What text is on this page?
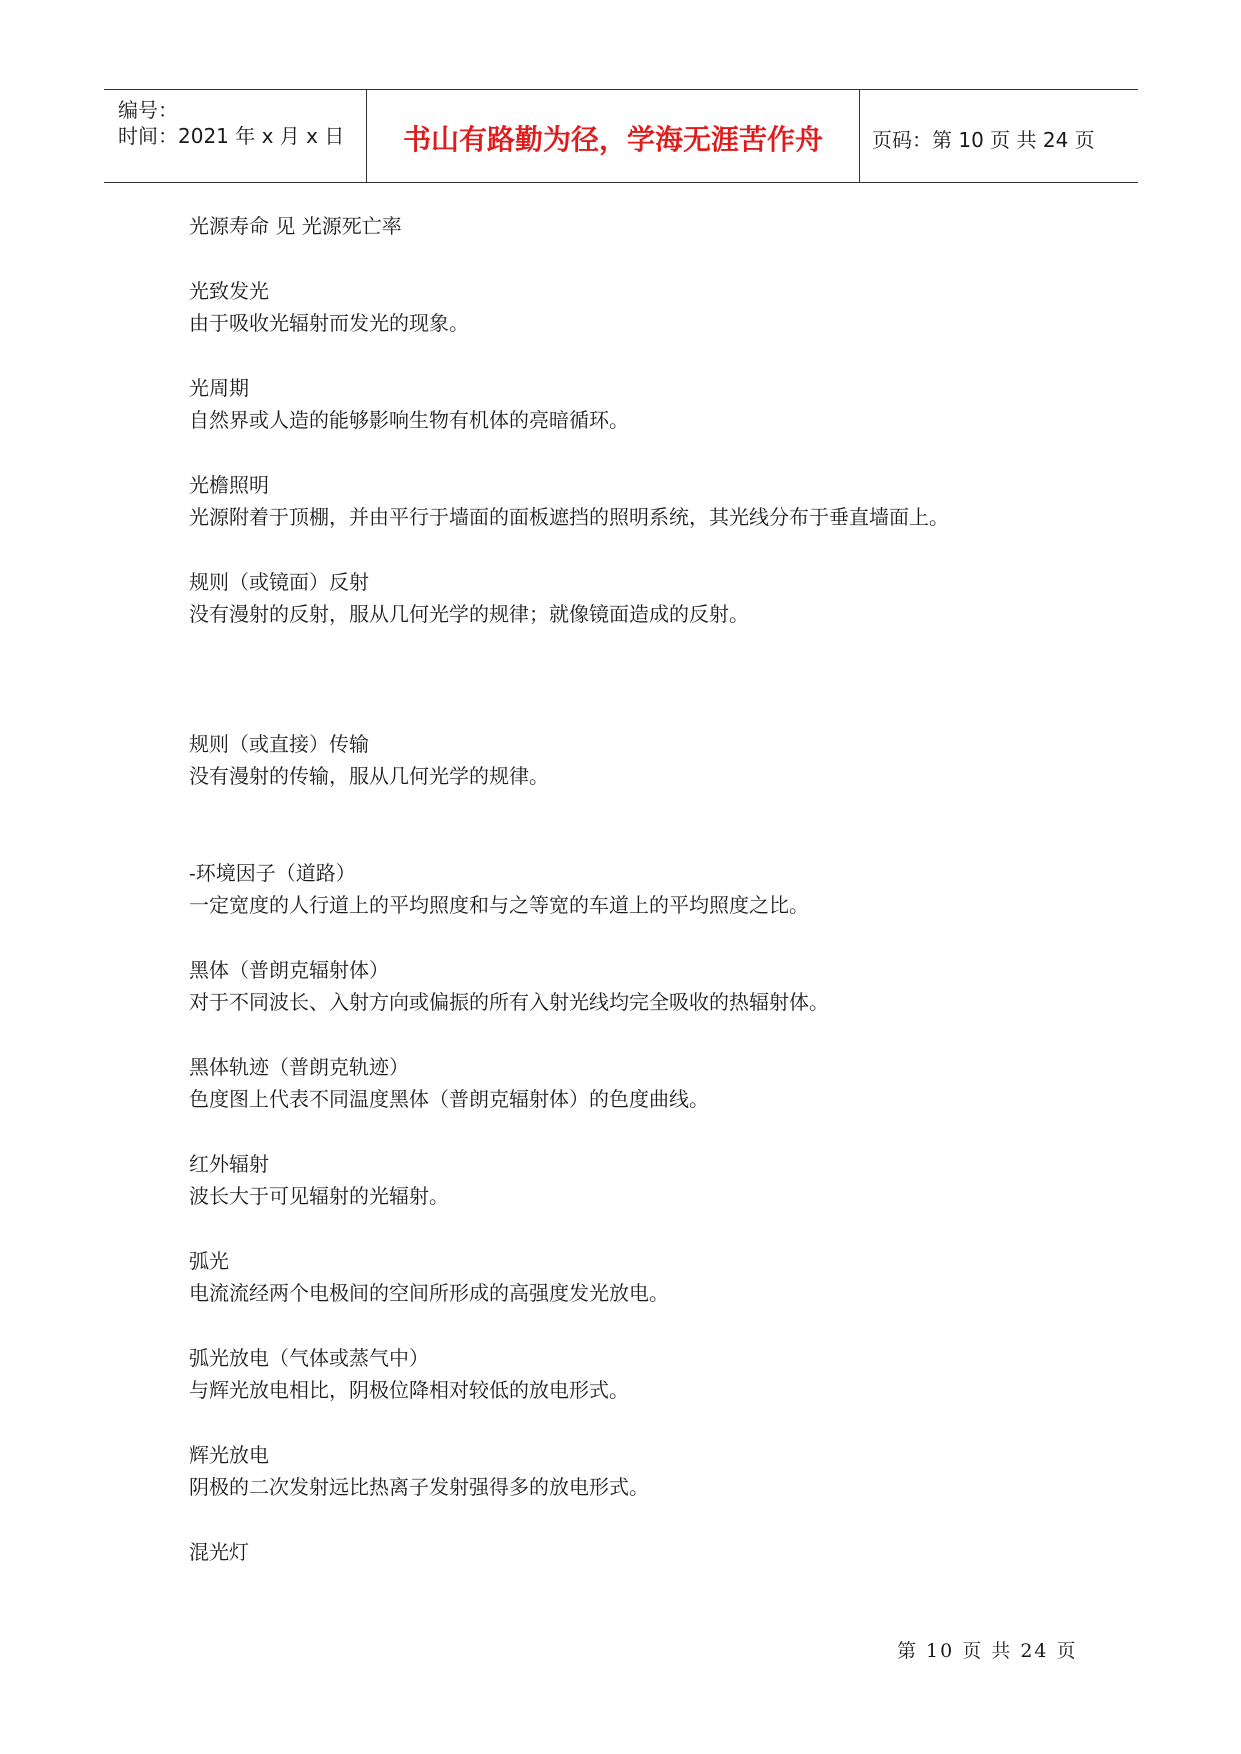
编号：
时间：2021 年 x 月 x 日	书山有路勤为径，学海无涯苦作舟	页码：第 10 页 共 24 页
光源寿命 见 光源死亡率
光致发光
由于吸收光辐射而发光的现象。
光周期
自然界或人造的能够影响生物有机体的亮暗循环。
光檐照明
光源附着于顶棚，并由平行于墙面的面板遮挡的照明系统，其光线分布于垂直墙面上。
规则（或镜面）反射
没有漫射的反射，服从几何光学的规律；就像镜面造成的反射。
规则（或直接）传输
没有漫射的传输，服从几何光学的规律。
-环境因子（道路）
一定宽度的人行道上的平均照度和与之等宽的车道上的平均照度之比。
黑体（普朗克辐射体）
对于不同波长、入射方向或偏振的所有入射光线均完全吸收的热辐射体。
黑体轨迹（普朗克轨迹）
色度图上代表不同温度黑体（普朗克辐射体）的色度曲线。
红外辐射
波长大于可见辐射的光辐射。
弧光
电流流经两个电极间的空间所形成的高强度发光放电。
弧光放电（气体或蒸气中）
与辉光放电相比，阴极位降相对较低的放电形式。
辉光放电
阴极的二次发射远比热离子发射强得多的放电形式。
混光灯
第 10 页 共 24 页
